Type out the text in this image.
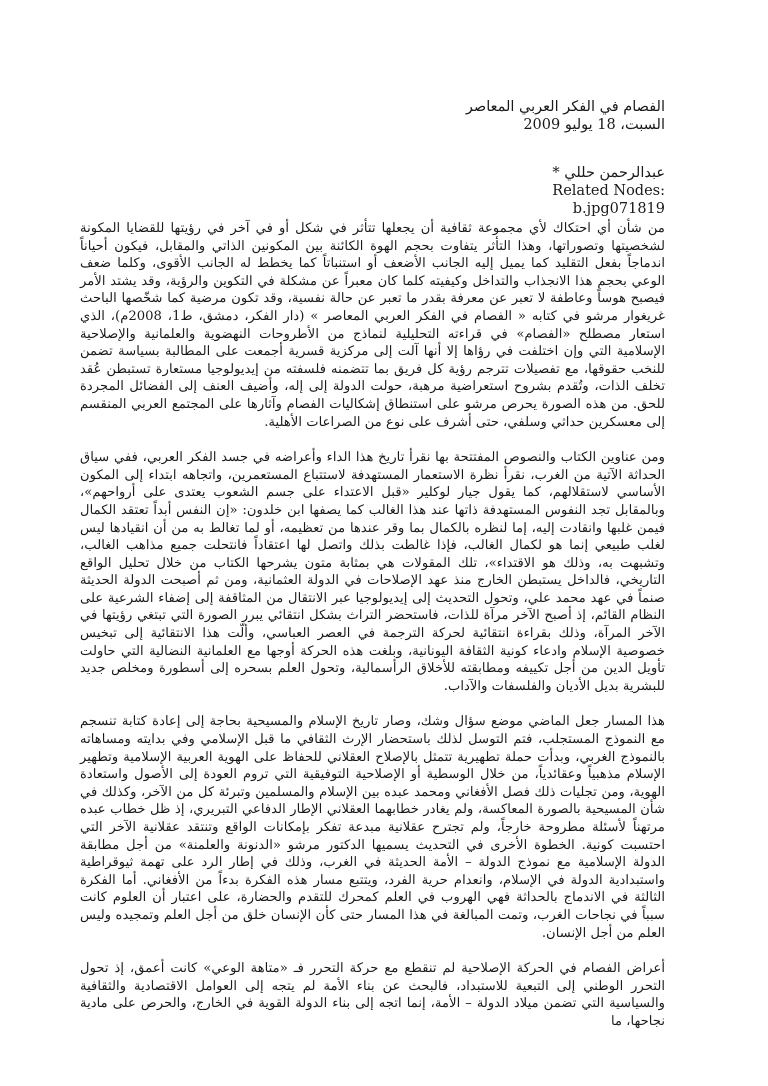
الفصام في الفكر العربي المعاصر

السبت، 18 يوليو 2009

عبدالرحمن حللي *

:Related Nodes

b.jpg071819

من شأن أي احتكاك لأي مجموعة ثقافية أن يجعلها تتأثر في شكل أو في آخر في رؤيتها للقضايا المكونة لشخصيتها وتصوراتها، وهذا التأثر يتفاوت بحجم الهوة الكائنة بين المكونين الذاتي والمقابل، فيكون أحياناً اندماجاً بفعل التقليد كما يميل إليه الجانب الأضعف أو استنباتاً كما يخطط له الجانب الأقوى، وكلما ضعف الوعي بحجم هذا الانجذاب والتداخل وكيفيته كلما كان معبراً عن مشكلة في التكوين والرؤية، وقد يشتد الأمر فيصبح هوساً وعاطفة لا تعبر عن معرفة بقدر ما تعبر عن حالة نفسية، وقد تكون مرضية كما شخّصها الباحث غريغوار مرشو في كتابه « الفصام في الفكر العربي المعاصر » (دار الفكر، دمشق، ط1، 2008م)، الذي استعار مصطلح «الفصام» في قراءته التحليلية لنماذج من الأطروحات النهضوية والعلمانية والإصلاحية الإسلامية التي وإن اختلفت في رؤاها إلا أنها آلت إلى مركزية قسرية أجمعت على المطالبة بسياسة تضمن للنخب حقوقها، مع تفصيلات تترجم رؤية كل فريق بما تتضمنه فلسفته من إيديولوجيا مستعارة تستبطن عُقد تخلف الذات، وتُقدم بشروح استعراضية مرهبة، حولت الدولة إلى إله، وأضيف العنف إلى الفضائل المجردة للحق. من هذه الصورة يحرص مرشو على استنطاق إشكاليات الفصام وآثارها على المجتمع العربي المنقسم إلى معسكرين حداثي وسلفي، حتى أشرف على نوع من الصراعات الأهلية.

ومن عناوين الكتاب والنصوص المفتتحة بها نقرأ تاريخ هذا الداء وأعراضه في جسد الفكر العربي، ففي سياق الحداثة الآتية من الغرب، نقرأ نظرة الاستعمار المستهدفة لاستتباع المستعمرين، واتجاهه ابتداء إلى المكون الأساسي لاستقلالهم، كما يقول جيار لوكلير «قبل الاعتداء على جسم الشعوب يعتدى على أرواحهم»، وبالمقابل تجد النفوس المستهدفة ذاتها عند هذا الغالب كما يصفها ابن خلدون: «إن النفس أبداً تعتقد الكمال فيمن غلبها وانقادت إليه، إما لنظره بالكمال بما وقر عندها من تعظيمه، أو لما تغالط به من أن انقيادها ليس لغلب طبيعي إنما هو لكمال الغالب، فإذا غالطت بذلك واتصل لها اعتقاداً فانتحلت جميع مذاهب الغالب، وتشبهت به، وذلك هو الاقتداء»، تلك المقولات هي بمثابة متون يشرحها الكتاب من خلال تحليل الواقع التاريخي، فالداخل يستبطن الخارج منذ عهد الإصلاحات في الدولة العثمانية، ومن ثم أصبحت الدولة الحديثة صنماً في عهد محمد علي، وتحول التحديث إلى إيديولوجيا عبر الانتقال من المثاقفة إلى إضفاء الشرعية على النظام القائم، إذ أصبح الآخر مرآة للذات، فاستحضر التراث بشكل انتقائي يبرر الصورة التي تبتغي رؤيتها في الآخر المرآة، وذلك بقراءة انتقائية لحركة الترجمة في العصر العباسي، وألّت هذا الانتقائية إلى تبخيس خصوصية الإسلام وادعاء كونية الثقافة اليونانية، وبلغت هذه الحركة أوجها مع العلمانية النضالية التي حاولت تأويل الدين من أجل تكييفه ومطابقته للأخلاق الرأسمالية، وتحول العلم بسحره إلى أسطورة ومخلص جديد للبشرية بديل الأديان والفلسفات والآداب.

هذا المسار جعل الماضي موضع سؤال وشك، وصار تاريخ الإسلام والمسيحية بحاجة إلى إعادة كتابة تنسجم مع النموذج المستجلب، فتم التوسل لذلك باستحضار الإرث الثقافي ما قبل الإسلامي وفي بدايته ومساهاته بالنموذج الغربي، وبدأت حملة تطهيرية تتمثل بالإصلاح العقلاني للحفاظ على الهوية العربية الإسلامية وتطهير الإسلام مذهبياً وعقائدياً، من خلال الوسطية أو الإصلاحية التوفيقية التي تروم العودة إلى الأصول واستعادة الهوية، ومن تجليات ذلك فصل الأفغاني ومحمد عبده بين الإسلام والمسلمين وتبرئة كل من الآخر، وكذلك في شأن المسيحية بالصورة المعاكسة، ولم يغادر خطابهما العقلاني الإطار الدفاعي التبريري، إذ ظل خطاب عبده مرتهناً لأسئلة مطروحة خارجاً، ولم تجترح عقلانية مبدعة تفكر بإمكانات الواقع وتنتقد عقلانية الآخر التي احتسبت كونية. الخطوة الأخرى في التحديث يسميها الدكتور مرشو «الدنونة والعلمنة» من أجل مطابقة الدولة الإسلامية مع نموذج الدولة – الأمة الحديثة في الغرب، وذلك في إطار الرد على تهمة ثيوقراطية واستبدادية الدولة في الإسلام، وانعدام حرية الفرد، ويتتبع مسار هذه الفكرة بدءاً من الأفغاني. أما الفكرة الثالثة في الاندماج بالحداثة فهي الهروب في العلم كمحرك للتقدم والحضارة، على اعتبار أن العلوم كانت سبباً في نجاحات الغرب، وتمت المبالغة في هذا المسار حتى كأن الإنسان خلق من أجل العلم وتمجيده وليس العلم من أجل الإنسان.

أعراض الفصام في الحركة الإصلاحية لم تنقطع مع حركة التحرر فـ «متاهة الوعي» كانت أعمق، إذ تحول التحرر الوطني إلى التبعية للاستبداد، فالبحث عن بناء الأمة لم يتجه إلى العوامل الاقتصادية والثقافية والسياسية التي تضمن ميلاد الدولة – الأمة، إنما اتجه إلى بناء الدولة القوية في الخارج، والحرص على مادية نجاحها، ما
